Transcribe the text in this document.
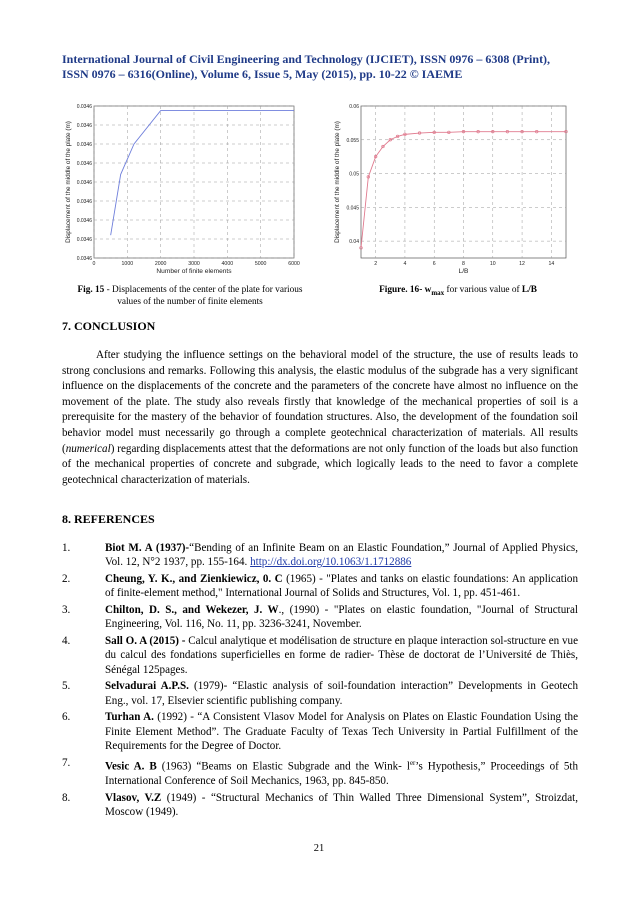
International Journal of Civil Engineering and Technology (IJCIET), ISSN 0976 – 6308 (Print),
ISSN 0976 – 6316(Online), Volume 6, Issue 5, May (2015), pp. 10-22 © IAEME
0	1000	2000	3000	4000	5000	6000
0.0346
0.0346
0.0346
0.0346
0.0346
0.0346
0.0346
0.0346
0.0346
Number of finite elements
Displacement of the middle of the plate (m)
2	4	6	8	10	12	14
0.04
0.045
0.05
0.055
0.06
L/B
Displacement of the middle of the plate (m)
Fig. 15 - Displacements of the center of the plate for various values of the number of finite elements
Figure. 16- $w_{max}$ for various value of L/B
7. CONCLUSION
After studying the influence settings on the behavioral model of the structure, the use of results leads to strong conclusions and remarks. Following this analysis, the elastic modulus of the subgrade has a very significant influence on the displacements of the concrete and the parameters of the concrete have almost no influence on the movement of the plate. The study also reveals firstly that knowledge of the mechanical properties of soil is a prerequisite for the mastery of the behavior of foundation structures. Also, the development of the foundation soil behavior model must necessarily go through a complete geotechnical characterization of materials. All results (numerical) regarding displacements attest that the deformations are not only function of the loads but also function of the mechanical properties of concrete and subgrade, which logically leads to the need to favor a complete geotechnical characterization of materials.
8. REFERENCES
1.	Biot M. A (1937)-“Bending of an Infinite Beam on an Elastic Foundation,” Journal of Applied Physics, Vol. 12, N°2 1937, pp. 155-164. http://dx.doi.org/10.1063/1.1712886
2.	Cheung, Y. K., and Zienkiewicz, 0. C (1965) - "Plates and tanks on elastic foundations: An application of finite-element method," International Journal of Solids and Structures, Vol. 1, pp. 451-461.
3.	Chilton, D. S., and Wekezer, J. W., (1990) - "Plates on elastic foundation, "Journal of Structural Engineering, Vol. 116, No. 11, pp. 3236-3241, November.
4.	Sall O. A (2015) - Calcul analytique et modélisation de structure en plaque interaction sol-structure en vue du calcul des fondations superficielles en forme de radier- Thèse de doctorat de l’Université de Thiès, Sénégal 125pages.
5.	Selvadurai A.P.S. (1979)- “Elastic analysis of soil-foundation interaction” Developments in Geotech Eng., vol. 17, Elsevier scientific publishing company.
6.	Turhan A. (1992) - “A Consistent Vlasov Model for Analysis on Plates on Elastic Foundation Using the Finite Element Method”. The Graduate Faculty of Texas Tech University in Partial Fulfillment of the Requirements for the Degree of Doctor.
7.	Vesic A. B (1963) “Beams on Elastic Subgrade and the Wink- $l^{er}’s$ Hypothesis,” Proceedings of 5th International Conference of Soil Mechanics, 1963, pp. 845-850.
8.	Vlasov, V.Z (1949) - “Structural Mechanics of Thin Walled Three Dimensional System”, Stroizdat, Moscow (1949).
21
